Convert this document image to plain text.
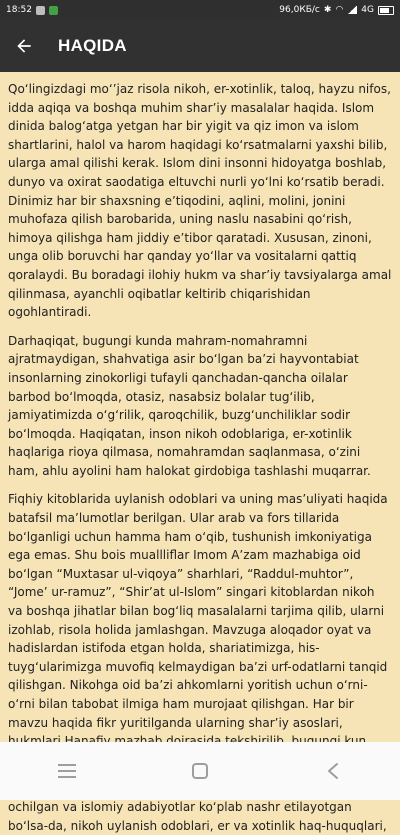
18:52	96,0КБ/с ✱ ◠ 4G
HAQIDA

Qo‘lingizdagi mo‘’jaz risola nikoh, er-xotinlik, taloq, hayzu nifos, idda aqiqa va boshqa muhim shar’iy masalalar haqida. Islom dinida balog‘atga yetgan har bir yigit va qiz imon va islom shartlarini, halol va harom haqidagi ko‘rsatmalarni yaxshi bilib, ularga amal qilishi kerak. Islom dini insonni hidoyatga boshlab, dunyo va oxirat saodatiga eltuvchi nurli yo‘lni ko‘rsatib beradi. Dinimiz har bir shaxsning e’tiqodini, aqlini, molini, jonini muhofaza qilish barobarida, uning naslu nasabini qo‘rish, himoya qilishga ham jiddiy e’tibor qaratadi. Xususan, zinoni, unga olib boruvchi har qanday yo‘llar va vositalarni qattiq qoralaydi. Bu boradagi ilohiy hukm va shar’iy tavsiyalarga amal qilinmasa, ayanchli oqibatlar keltirib chiqarishidan ogohlantiradi.

Darhaqiqat, bugungi kunda mahram-nomahramni ajratmaydigan, shahvatiga asir bo‘lgan ba’zi hayvontabiat insonlarning zinokorligi tufayli qanchadan-qancha oilalar barbod bo‘lmoqda, otasiz, nasabsiz bolalar tug‘ilib, jamiyatimizda o‘g‘rilik, qaroqchilik, buzg‘unchiliklar sodir bo‘lmoqda. Haqiqatan, inson nikoh odoblariga, er-xotinlik haqlariga rioya qilmasa, nomahramdan saqlanmasa, o‘zini ham, ahlu ayolini ham halokat girdobiga tashlashi muqarrar.

Fiqhiy kitoblarida uylanish odoblari va uning mas’uliyati haqida batafsil ma’lumotlar berilgan. Ular arab va fors tillarida bo‘lganligi uchun hamma ham o‘qib, tushunish imkoniyatiga ega emas. Shu bois muallliflar Imom A’zam mazhabiga oid bo‘lgan “Muxtasar ul-viqoya” sharhlari, “Raddul-muhtor”, “Jome’ ur-ramuz”, “Shir’at ul-Islom” singari kitoblardan nikoh va boshqa jihatlar bilan bog‘liq masalalarni tarjima qilib, ularni izohlab, risola holida jamlashgan. Mavzuga aloqador oyat va hadislardan istifoda etgan holda, shariatimizga, his-tuyg‘ularimizga muvofiq kelmaydigan ba’zi urf-odatlarni tanqid qilishgan. Nikohga oid ba’zi ahkomlarni yoritish uchun o‘rni-o‘rni bilan tabobat ilmiga ham murojaat qilishgan. Har bir mavzu haqida fikr yuritilganda ularning shar’iy asoslari,

ochilgan va islomiy adabiyotlar ko‘plab nashr etilayotgan bo‘lsa-da, nikoh uylanish odoblari, er va xotinlik haq-huquqlari,
